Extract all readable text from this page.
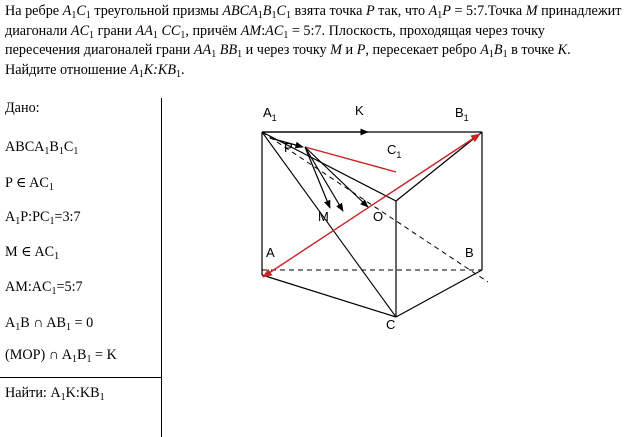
На ребре $A_1C_1$ треугольной призмы $ABCA_1B_1C_1$ взята точка P так, что $A_1P$ = 5:7.Точка M принадлежит диагонали $AC_1$ грани $AA_1$ $CC_1$, причём $AM:AC_1$ = 5:7. Плоскость, проходящая через точку пересечения диагоналей грани $AA_1$ $BB_1$ и через точку M и P, пересекает ребро $A_1B_1$ в точке K. Найдите отношение $A_1K:KB_1$.
Дано:
$ABCA_1B_1C_1$
P ∈ $AC_1$
$A_1P:PC_1=3:7$
M ∈ $AC_1$
$AM:AC_1=5:7$
$A_1B$ ∩ $AB_1 = 0$
(MOP) ∩ $A_1B_1 = K$
Найти: $A_1K:KB_1$
$A_1$	K	$B_1$
P	$C_1$
M	O
A	B
C
